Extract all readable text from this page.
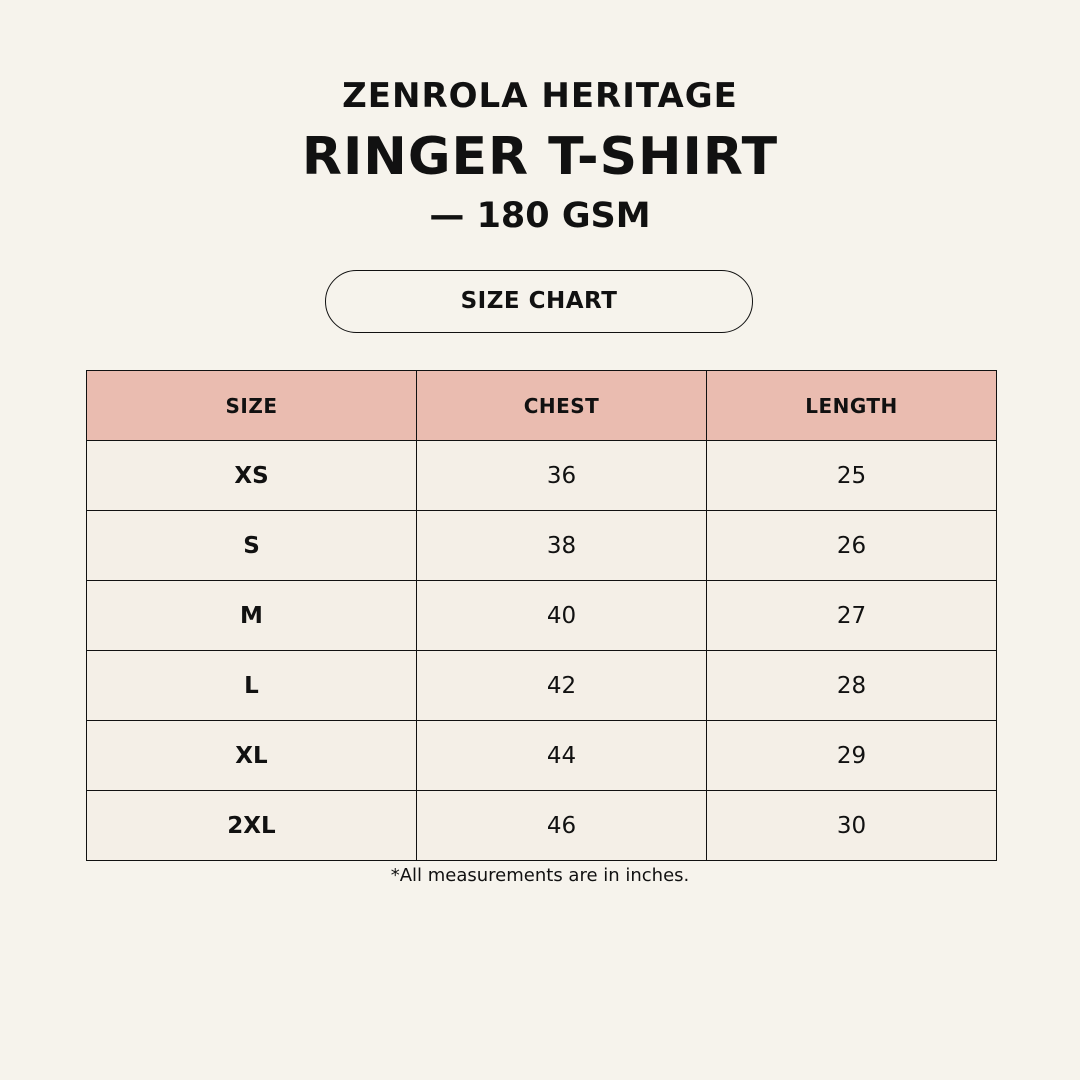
ZENROLA HERITAGE
RINGER T-SHIRT
— 180 GSM
SIZE CHART
SIZE	CHEST	LENGTH
XS	36	25
S	38	26
M	40	27
L	42	28
XL	44	29
2XL	46	30
*All measurements are in inches.
